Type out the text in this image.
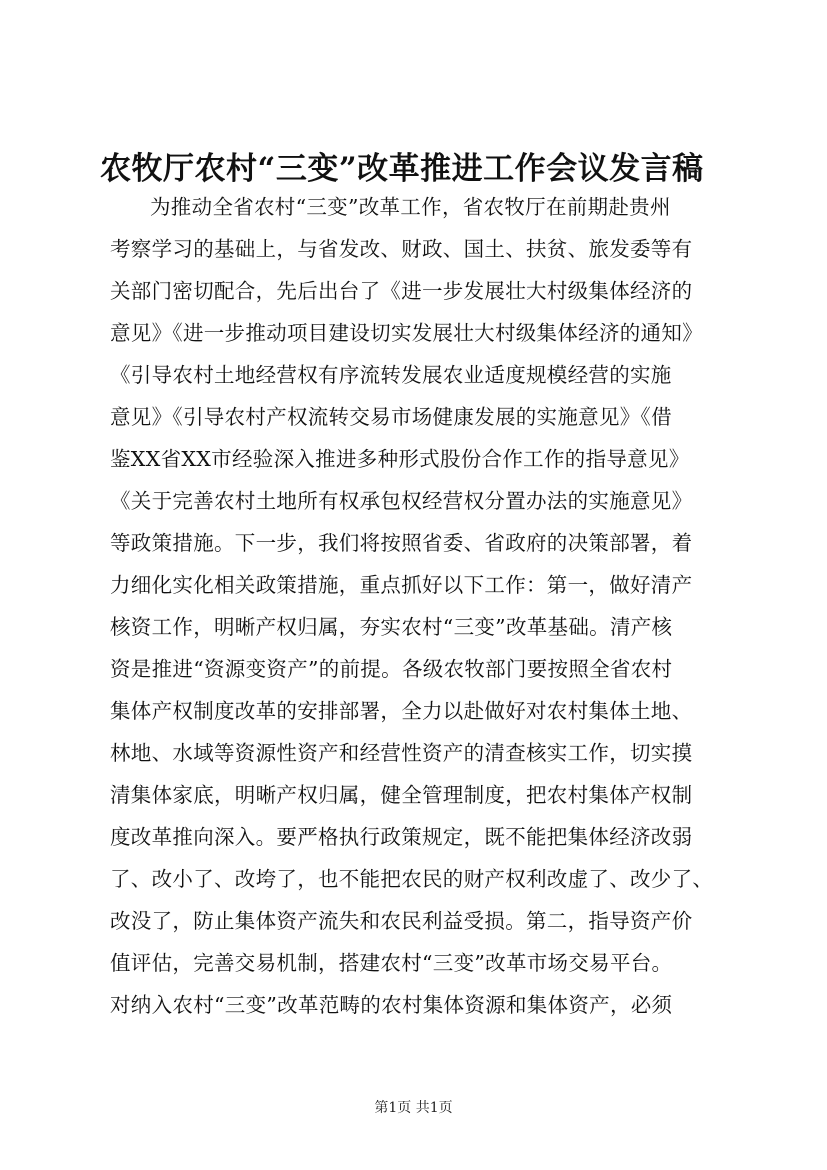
农牧厅农村“三变”改革推进工作会议发言稿
为推动全省农村“三变”改革工作，省农牧厅在前期赴贵州
考察学习的基础上，与省发改、财政、国土、扶贫、旅发委等有
关部门密切配合，先后出台了《进一步发展壮大村级集体经济的
意见》《进一步推动项目建设切实发展壮大村级集体经济的通知》
《引导农村土地经营权有序流转发展农业适度规模经营的实施
意见》《引导农村产权流转交易市场健康发展的实施意见》《借
鉴XX省XX市经验深入推进多种形式股份合作工作的指导意见》
《关于完善农村土地所有权承包权经营权分置办法的实施意见》
等政策措施。下一步，我们将按照省委、省政府的决策部署，着
力细化实化相关政策措施，重点抓好以下工作：第一，做好清产
核资工作，明晰产权归属，夯实农村“三变”改革基础。清产核
资是推进“资源变资产”的前提。各级农牧部门要按照全省农村
集体产权制度改革的安排部署，全力以赴做好对农村集体土地、
林地、水域等资源性资产和经营性资产的清查核实工作，切实摸
清集体家底，明晰产权归属，健全管理制度，把农村集体产权制
度改革推向深入。要严格执行政策规定，既不能把集体经济改弱
了、改小了、改垮了，也不能把农民的财产权利改虚了、改少了、
改没了，防止集体资产流失和农民利益受损。第二，指导资产价
值评估，完善交易机制，搭建农村“三变”改革市场交易平台。
对纳入农村“三变”改革范畴的农村集体资源和集体资产，必须
第1页 共1页
